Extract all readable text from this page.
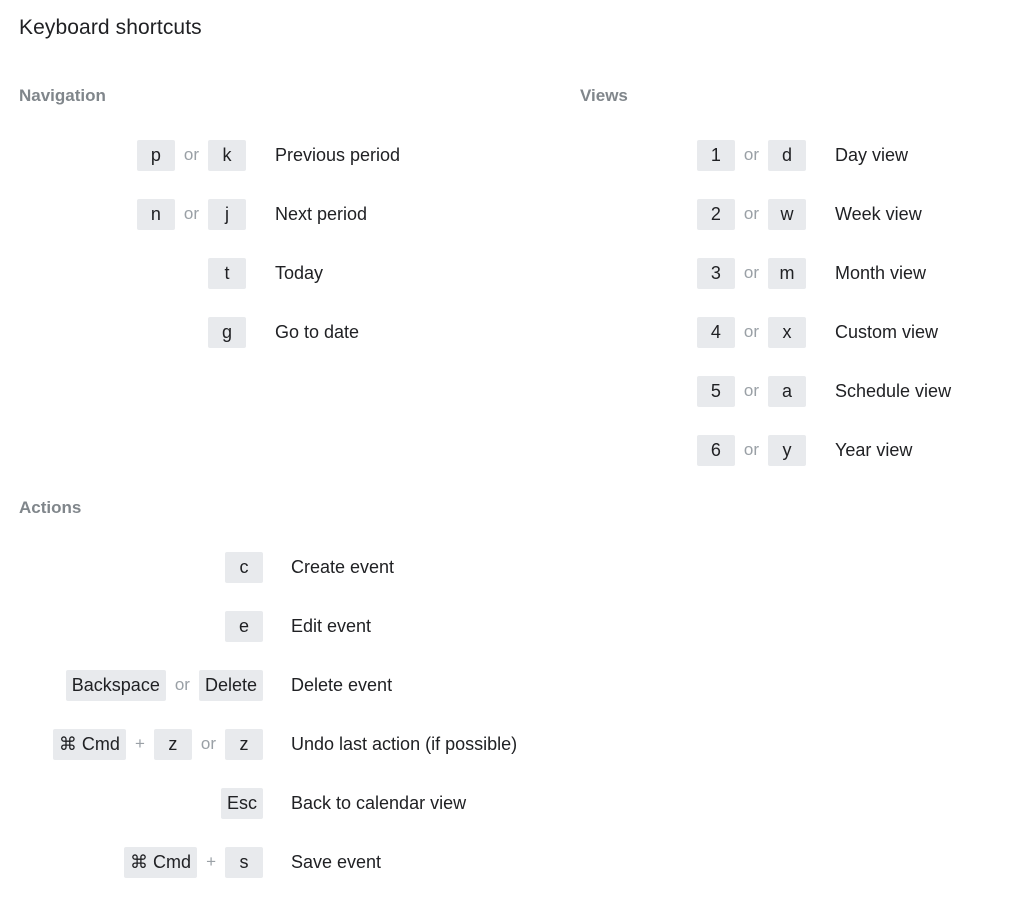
Keyboard shortcuts
Navigation
p	or	k	Previous period
n	or	j	Next period
t	Today
g	Go to date
Views
1	or	d	Day view
2	or	w	Week view
3	or	m	Month view
4	or	x	Custom view
5	or	a	Schedule view
6	or	y	Year view
Actions
c	Create event
e	Edit event
Backspace or Delete	Delete event
⌘ Cmd +	z	or	z	Undo last action (if possible)
Esc	Back to calendar view
⌘ Cmd +	s	Save event
